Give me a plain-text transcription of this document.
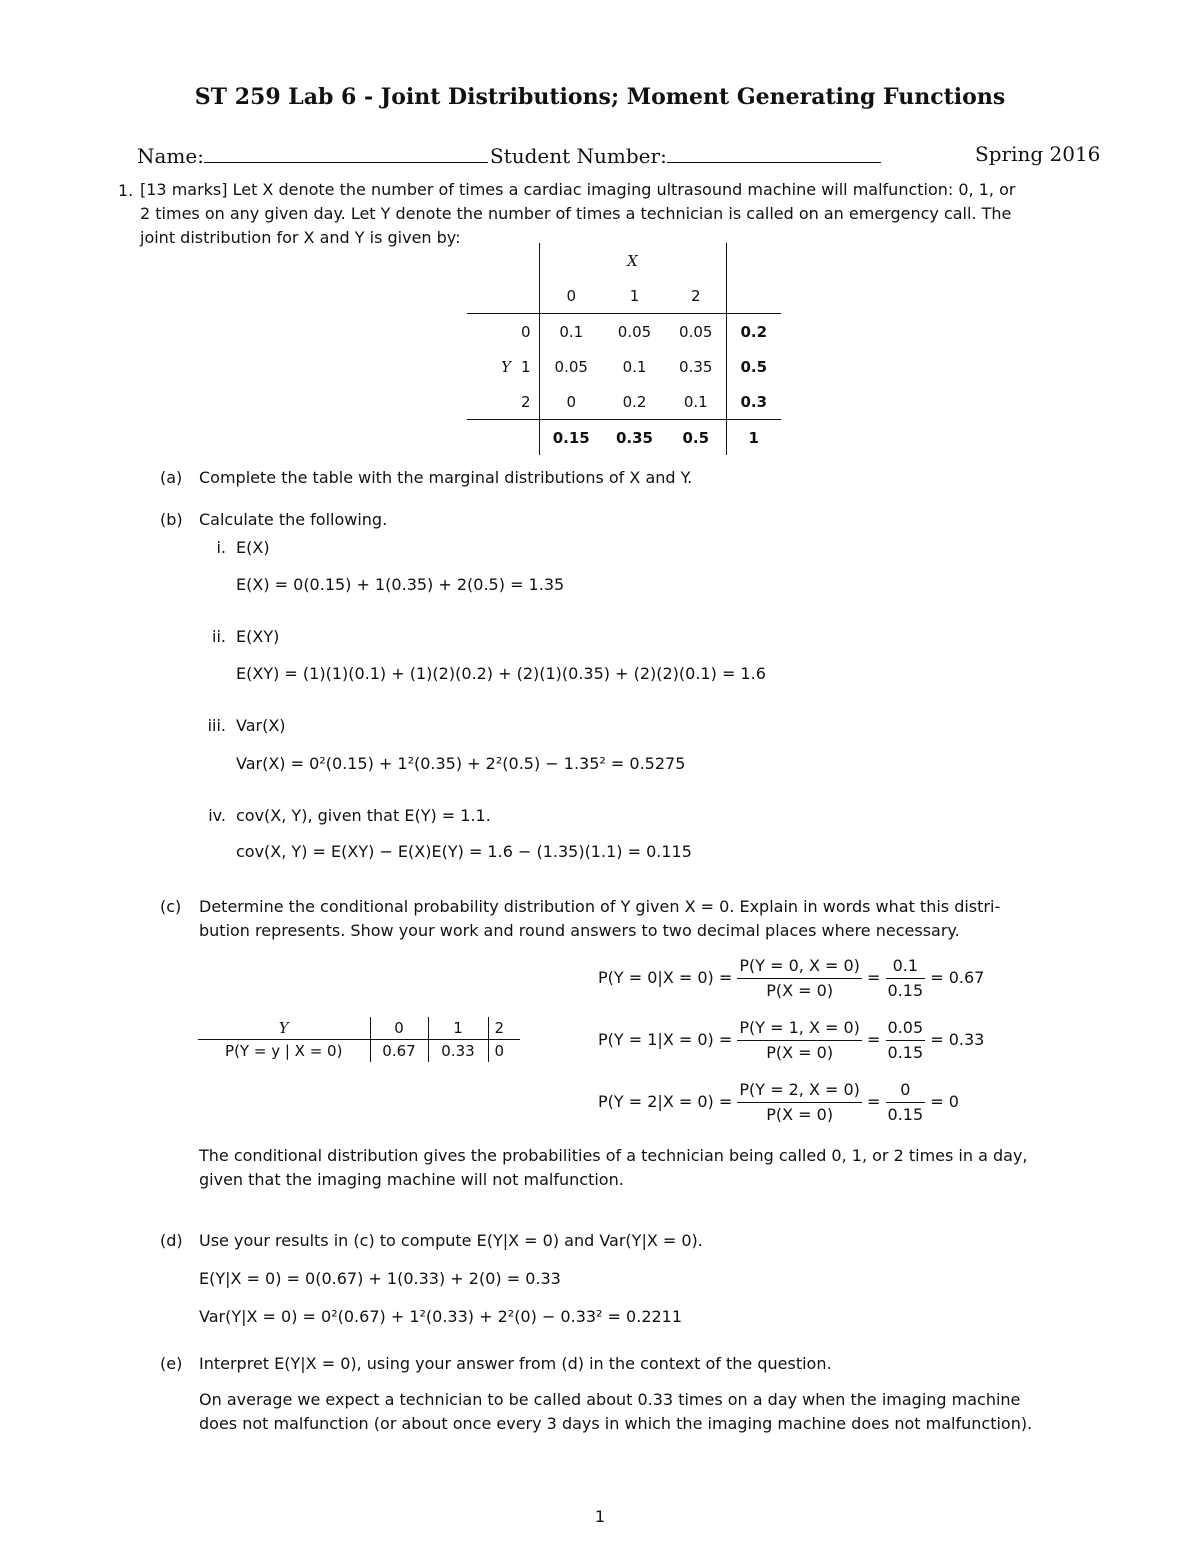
ST 259 Lab 6 - Joint Distributions; Moment Generating Functions
Name:	Student Number:	Spring 2016
1. [13 marks] Let X denote the number of times a cardiac imaging ultrasound machine will malfunction: 0, 1, or
2 times on any given day. Let Y denote the number of times a technician is called on an emergency call. The
joint distribution for X and Y is given by:
		X			
		0	1	2	
	0	0.1	0.05	0.05	0.2
Y	1	0.05	0.1	0.35	0.5
	2	0	0.2	0.1	0.3
		0.15	0.35	0.5	1
(a) Complete the table with the marginal distributions of X and Y.
(b) Calculate the following.
i. E(X)
E(X) = 0(0.15) + 1(0.35) + 2(0.5) = 1.35
ii. E(XY)
E(XY) = (1)(1)(0.1) + (1)(2)(0.2) + (2)(1)(0.35) + (2)(2)(0.1) = 1.6
iii. Var(X)
Var(X) = 0²(0.15) + 1²(0.35) + 2²(0.5) − 1.35² = 0.5275
iv. cov(X, Y), given that E(Y) = 1.1.
cov(X, Y) = E(XY) − E(X)E(Y) = 1.6 − (1.35)(1.1) = 0.115
(c) Determine the conditional probability distribution of Y given X = 0. Explain in words what this distri-
bution represents. Show your work and round answers to two decimal places where necessary.
Y	0	1	2
P(Y = y | X = 0)	0.67	0.33	0
$P(Y = 0|X = 0) = \frac{P(Y = 0, X = 0)}{P(X = 0)} = \frac{0.1}{0.15} = 0.67$
$P(Y = 1|X = 0) = \frac{P(Y = 1, X = 0)}{P(X = 0)} = \frac{0.05}{0.15} = 0.33$
$P(Y = 2|X = 0) = \frac{P(Y = 2, X = 0)}{P(X = 0)} = \frac{0}{0.15} = 0$
The conditional distribution gives the probabilities of a technician being called 0, 1, or 2 times in a day,
given that the imaging machine will not malfunction.
(d) Use your results in (c) to compute E(Y|X = 0) and Var(Y|X = 0).
E(Y|X = 0) = 0(0.67) + 1(0.33) + 2(0) = 0.33
Var(Y|X = 0) = 0²(0.67) + 1²(0.33) + 2²(0) − 0.33² = 0.2211
(e) Interpret E(Y|X = 0), using your answer from (d) in the context of the question.
On average we expect a technician to be called about 0.33 times on a day when the imaging machine
does not malfunction (or about once every 3 days in which the imaging machine does not malfunction).
1
